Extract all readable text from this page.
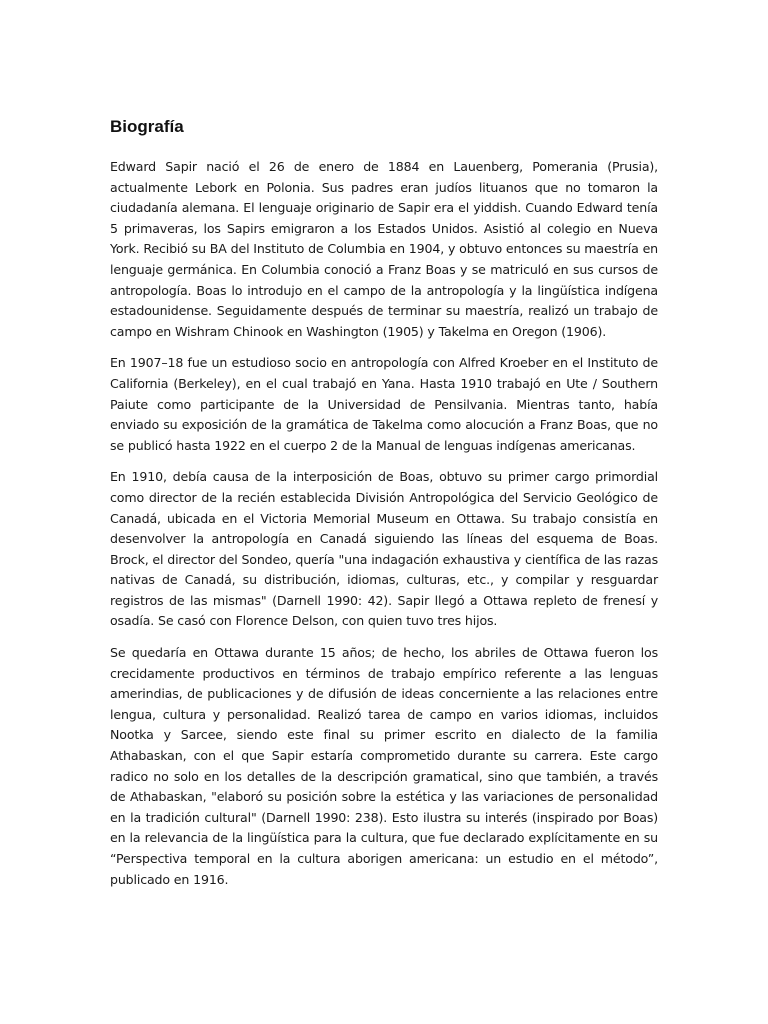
Biografía

Edward Sapir nació el 26 de enero de 1884 en Lauenberg, Pomerania (Prusia), actualmente Lebork en Polonia. Sus padres eran judíos lituanos que no tomaron la ciudadanía alemana. El lenguaje originario de Sapir era el yiddish. Cuando Edward tenía 5 primaveras, los Sapirs emigraron a los Estados Unidos. Asistió al colegio en Nueva York. Recibió su BA del Instituto de Columbia en 1904, y obtuvo entonces su maestría en lenguaje germánica. En Columbia conoció a Franz Boas y se matriculó en sus cursos de antropología. Boas lo introdujo en el campo de la antropología y la lingüística indígena estadounidense. Seguidamente después de terminar su maestría, realizó un trabajo de campo en Wishram Chinook en Washington (1905) y Takelma en Oregon (1906).

En 1907–18 fue un estudioso socio en antropología con Alfred Kroeber en el Instituto de California (Berkeley), en el cual trabajó en Yana. Hasta 1910 trabajó en Ute / Southern Paiute como participante de la Universidad de Pensilvania. Mientras tanto, había enviado su exposición de la gramática de Takelma como alocución a Franz Boas, que no se publicó hasta 1922 en el cuerpo 2 de la Manual de lenguas indígenas americanas.

En 1910, debía causa de la interposición de Boas, obtuvo su primer cargo primordial como director de la recién establecida División Antropológica del Servicio Geológico de Canadá, ubicada en el Victoria Memorial Museum en Ottawa. Su trabajo consistía en desenvolver la antropología en Canadá siguiendo las líneas del esquema de Boas. Brock, el director del Sondeo, quería "una indagación exhaustiva y científica de las razas nativas de Canadá, su distribución, idiomas, culturas, etc., y compilar y resguardar registros de las mismas" (Darnell 1990: 42). Sapir llegó a Ottawa repleto de frenesí y osadía. Se casó con Florence Delson, con quien tuvo tres hijos.

Se quedaría en Ottawa durante 15 años; de hecho, los abriles de Ottawa fueron los crecidamente productivos en términos de trabajo empírico referente a las lenguas amerindias, de publicaciones y de difusión de ideas concerniente a las relaciones entre lengua, cultura y personalidad. Realizó tarea de campo en varios idiomas, incluidos Nootka y Sarcee, siendo este final su primer escrito en dialecto de la familia Athabaskan, con el que Sapir estaría comprometido durante su carrera. Este cargo radico no solo en los detalles de la descripción gramatical, sino que también, a través de Athabaskan, "elaboró su posición sobre la estética y las variaciones de personalidad en la tradición cultural" (Darnell 1990: 238). Esto ilustra su interés (inspirado por Boas) en la relevancia de la lingüística para la cultura, que fue declarado explícitamente en su “Perspectiva temporal en la cultura aborigen americana: un estudio en el método”, publicado en 1916.
